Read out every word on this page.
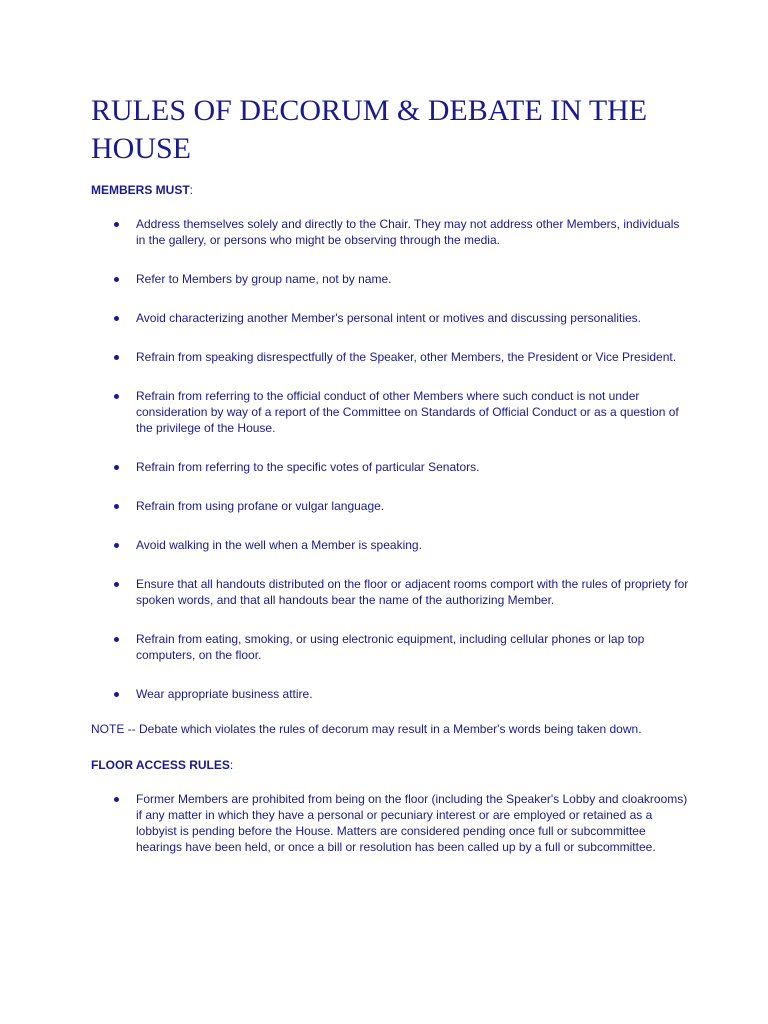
RULES OF DECORUM & DEBATE IN THE HOUSE
MEMBERS MUST:
Address themselves solely and directly to the Chair. They may not address other Members, individuals in the gallery, or persons who might be observing through the media.
Refer to Members by group name, not by name.
Avoid characterizing another Member's personal intent or motives and discussing personalities.
Refrain from speaking disrespectfully of the Speaker, other Members, the President or Vice President.
Refrain from referring to the official conduct of other Members where such conduct is not under consideration by way of a report of the Committee on Standards of Official Conduct or as a question of the privilege of the House.
Refrain from referring to the specific votes of particular Senators.
Refrain from using profane or vulgar language.
Avoid walking in the well when a Member is speaking.
Ensure that all handouts distributed on the floor or adjacent rooms comport with the rules of propriety for spoken words, and that all handouts bear the name of the authorizing Member.
Refrain from eating, smoking, or using electronic equipment, including cellular phones or lap top computers, on the floor.
Wear appropriate business attire.
NOTE -- Debate which violates the rules of decorum may result in a Member's words being taken down.
FLOOR ACCESS RULES:
Former Members are prohibited from being on the floor (including the Speaker's Lobby and cloakrooms) if any matter in which they have a personal or pecuniary interest or are employed or retained as a lobbyist is pending before the House. Matters are considered pending once full or subcommittee hearings have been held, or once a bill or resolution has been called up by a full or subcommittee.
